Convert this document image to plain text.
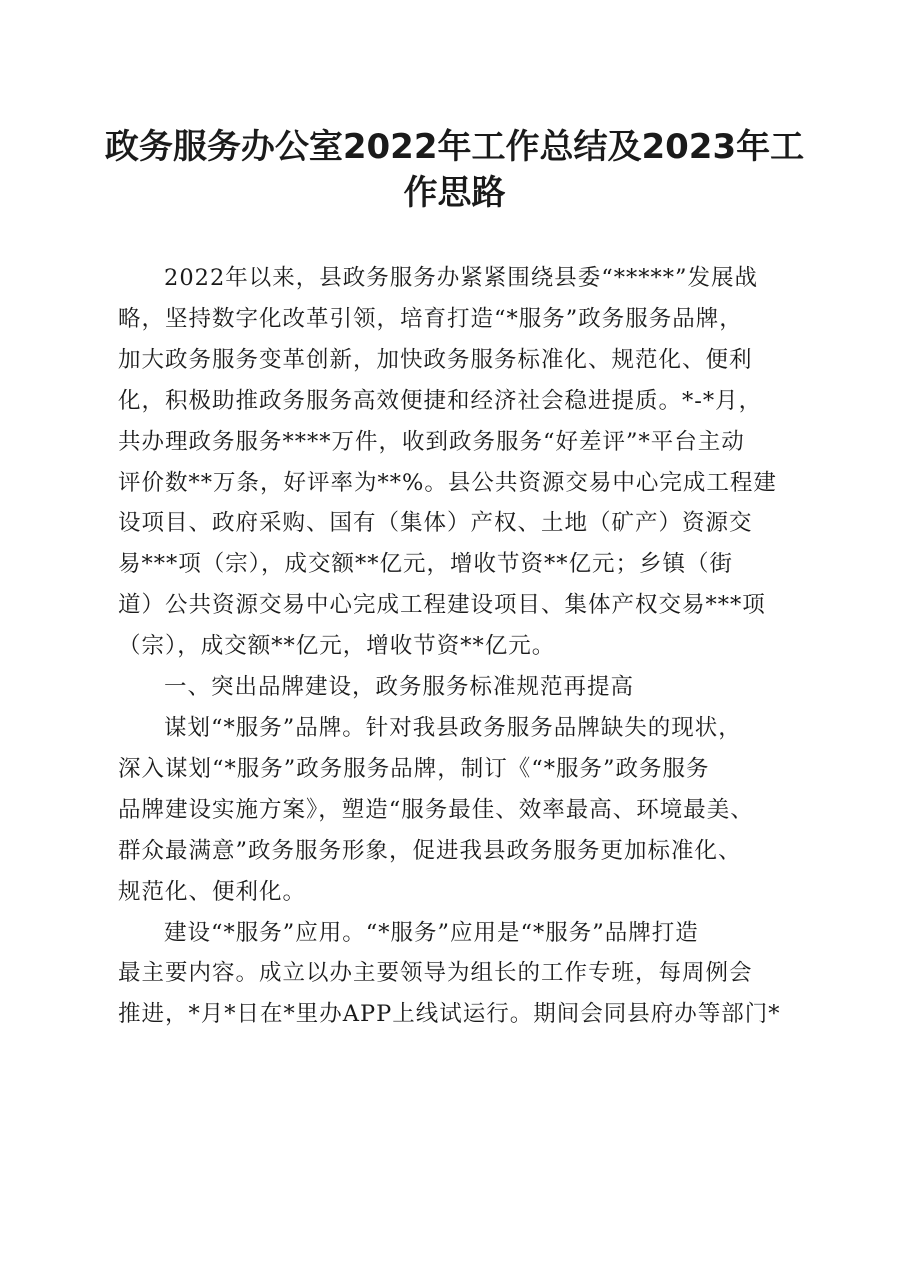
政务服务办公室2022年工作总结及2023年工
作思路
2022年以来，县政务服务办紧紧围绕县委“*****”发展战
略，坚持数字化改革引领，培育打造“*服务”政务服务品牌，
加大政务服务变革创新，加快政务服务标准化、规范化、便利
化，积极助推政务服务高效便捷和经济社会稳进提质。*-*月，
共办理政务服务****万件，收到政务服务“好差评”*平台主动
评价数**万条，好评率为**%。县公共资源交易中心完成工程建
设项目、政府采购、国有（集体）产权、土地（矿产）资源交
易***项（宗），成交额**亿元，增收节资**亿元；乡镇（街
道）公共资源交易中心完成工程建设项目、集体产权交易***项
（宗），成交额**亿元，增收节资**亿元。
一、突出品牌建设，政务服务标准规范再提高
谋划“*服务”品牌。针对我县政务服务品牌缺失的现状，
深入谋划“*服务”政务服务品牌，制订《“*服务”政务服务
品牌建设实施方案》，塑造“服务最佳、效率最高、环境最美、
群众最满意”政务服务形象，促进我县政务服务更加标准化、
规范化、便利化。
建设“*服务”应用。“*服务”应用是“*服务”品牌打造
最主要内容。成立以办主要领导为组长的工作专班，每周例会
推进，*月*日在*里办APP上线试运行。期间会同县府办等部门*
